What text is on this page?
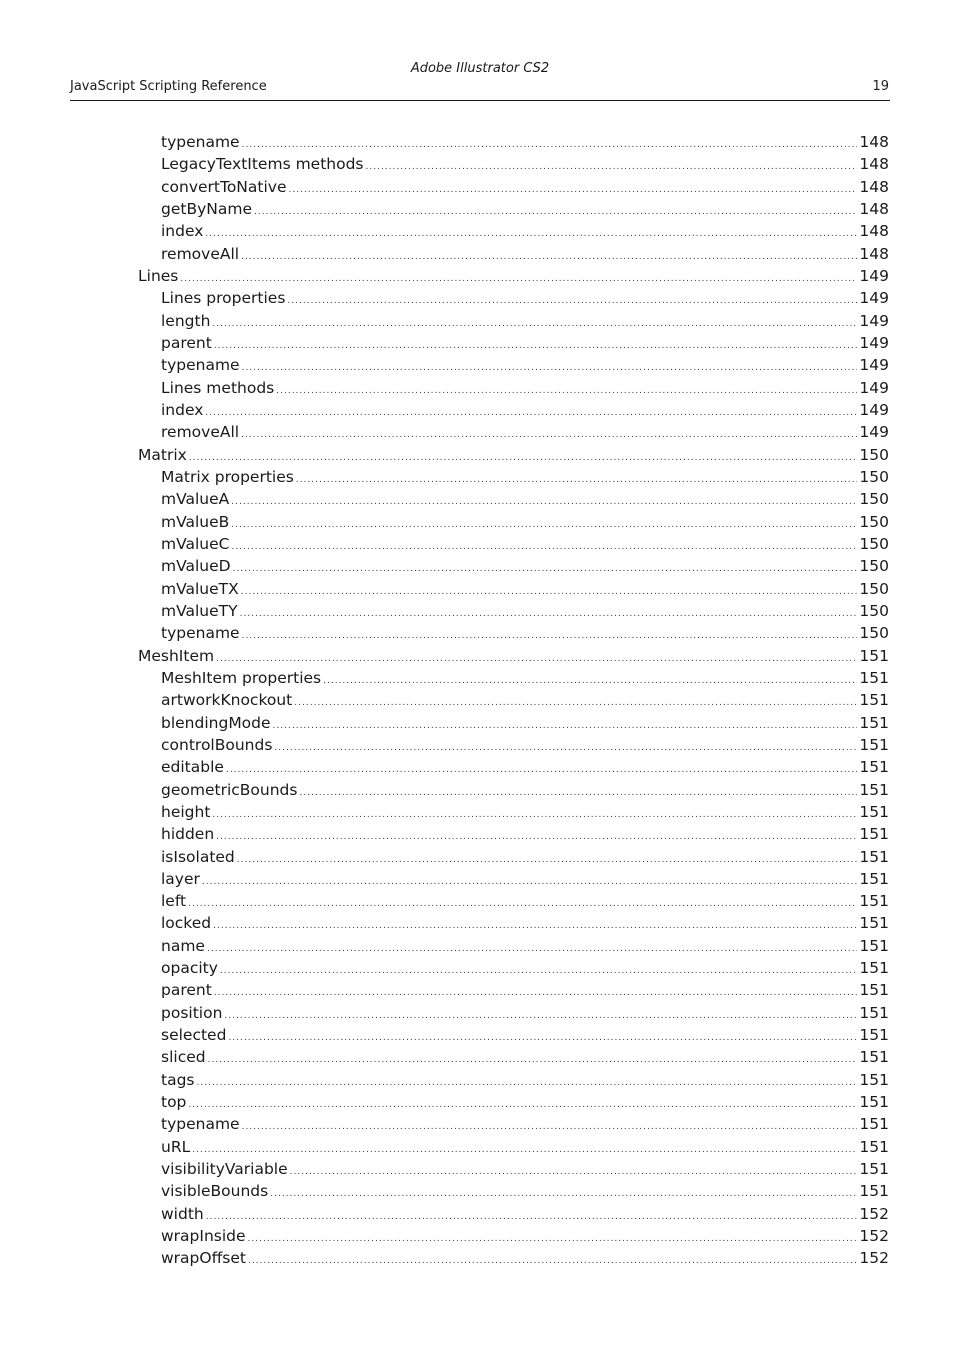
Adobe Illustrator CS2
JavaScript Scripting Reference	19
typename .....	148
LegacyTextItems methods .....	148
convertToNative .....	148
getByName .....	148
index .....	148
removeAll .....	148
Lines .....	149
Lines properties .....	149
length .....	149
parent .....	149
typename .....	149
Lines methods .....	149
index .....	149
removeAll .....	149
Matrix .....	150
Matrix properties .....	150
mValueA .....	150
mValueB .....	150
mValueC .....	150
mValueD .....	150
mValueTX .....	150
mValueTY .....	150
typename .....	150
MeshItem .....	151
MeshItem properties .....	151
artworkKnockout .....	151
blendingMode .....	151
controlBounds .....	151
editable .....	151
geometricBounds .....	151
height .....	151
hidden .....	151
isIsolated .....	151
layer .....	151
left .....	151
locked .....	151
name .....	151
opacity .....	151
parent .....	151
position .....	151
selected .....	151
sliced .....	151
tags .....	151
top .....	151
typename .....	151
uRL .....	151
visibilityVariable .....	151
visibleBounds .....	151
width .....	152
wrapInside .....	152
wrapOffset .....	152
